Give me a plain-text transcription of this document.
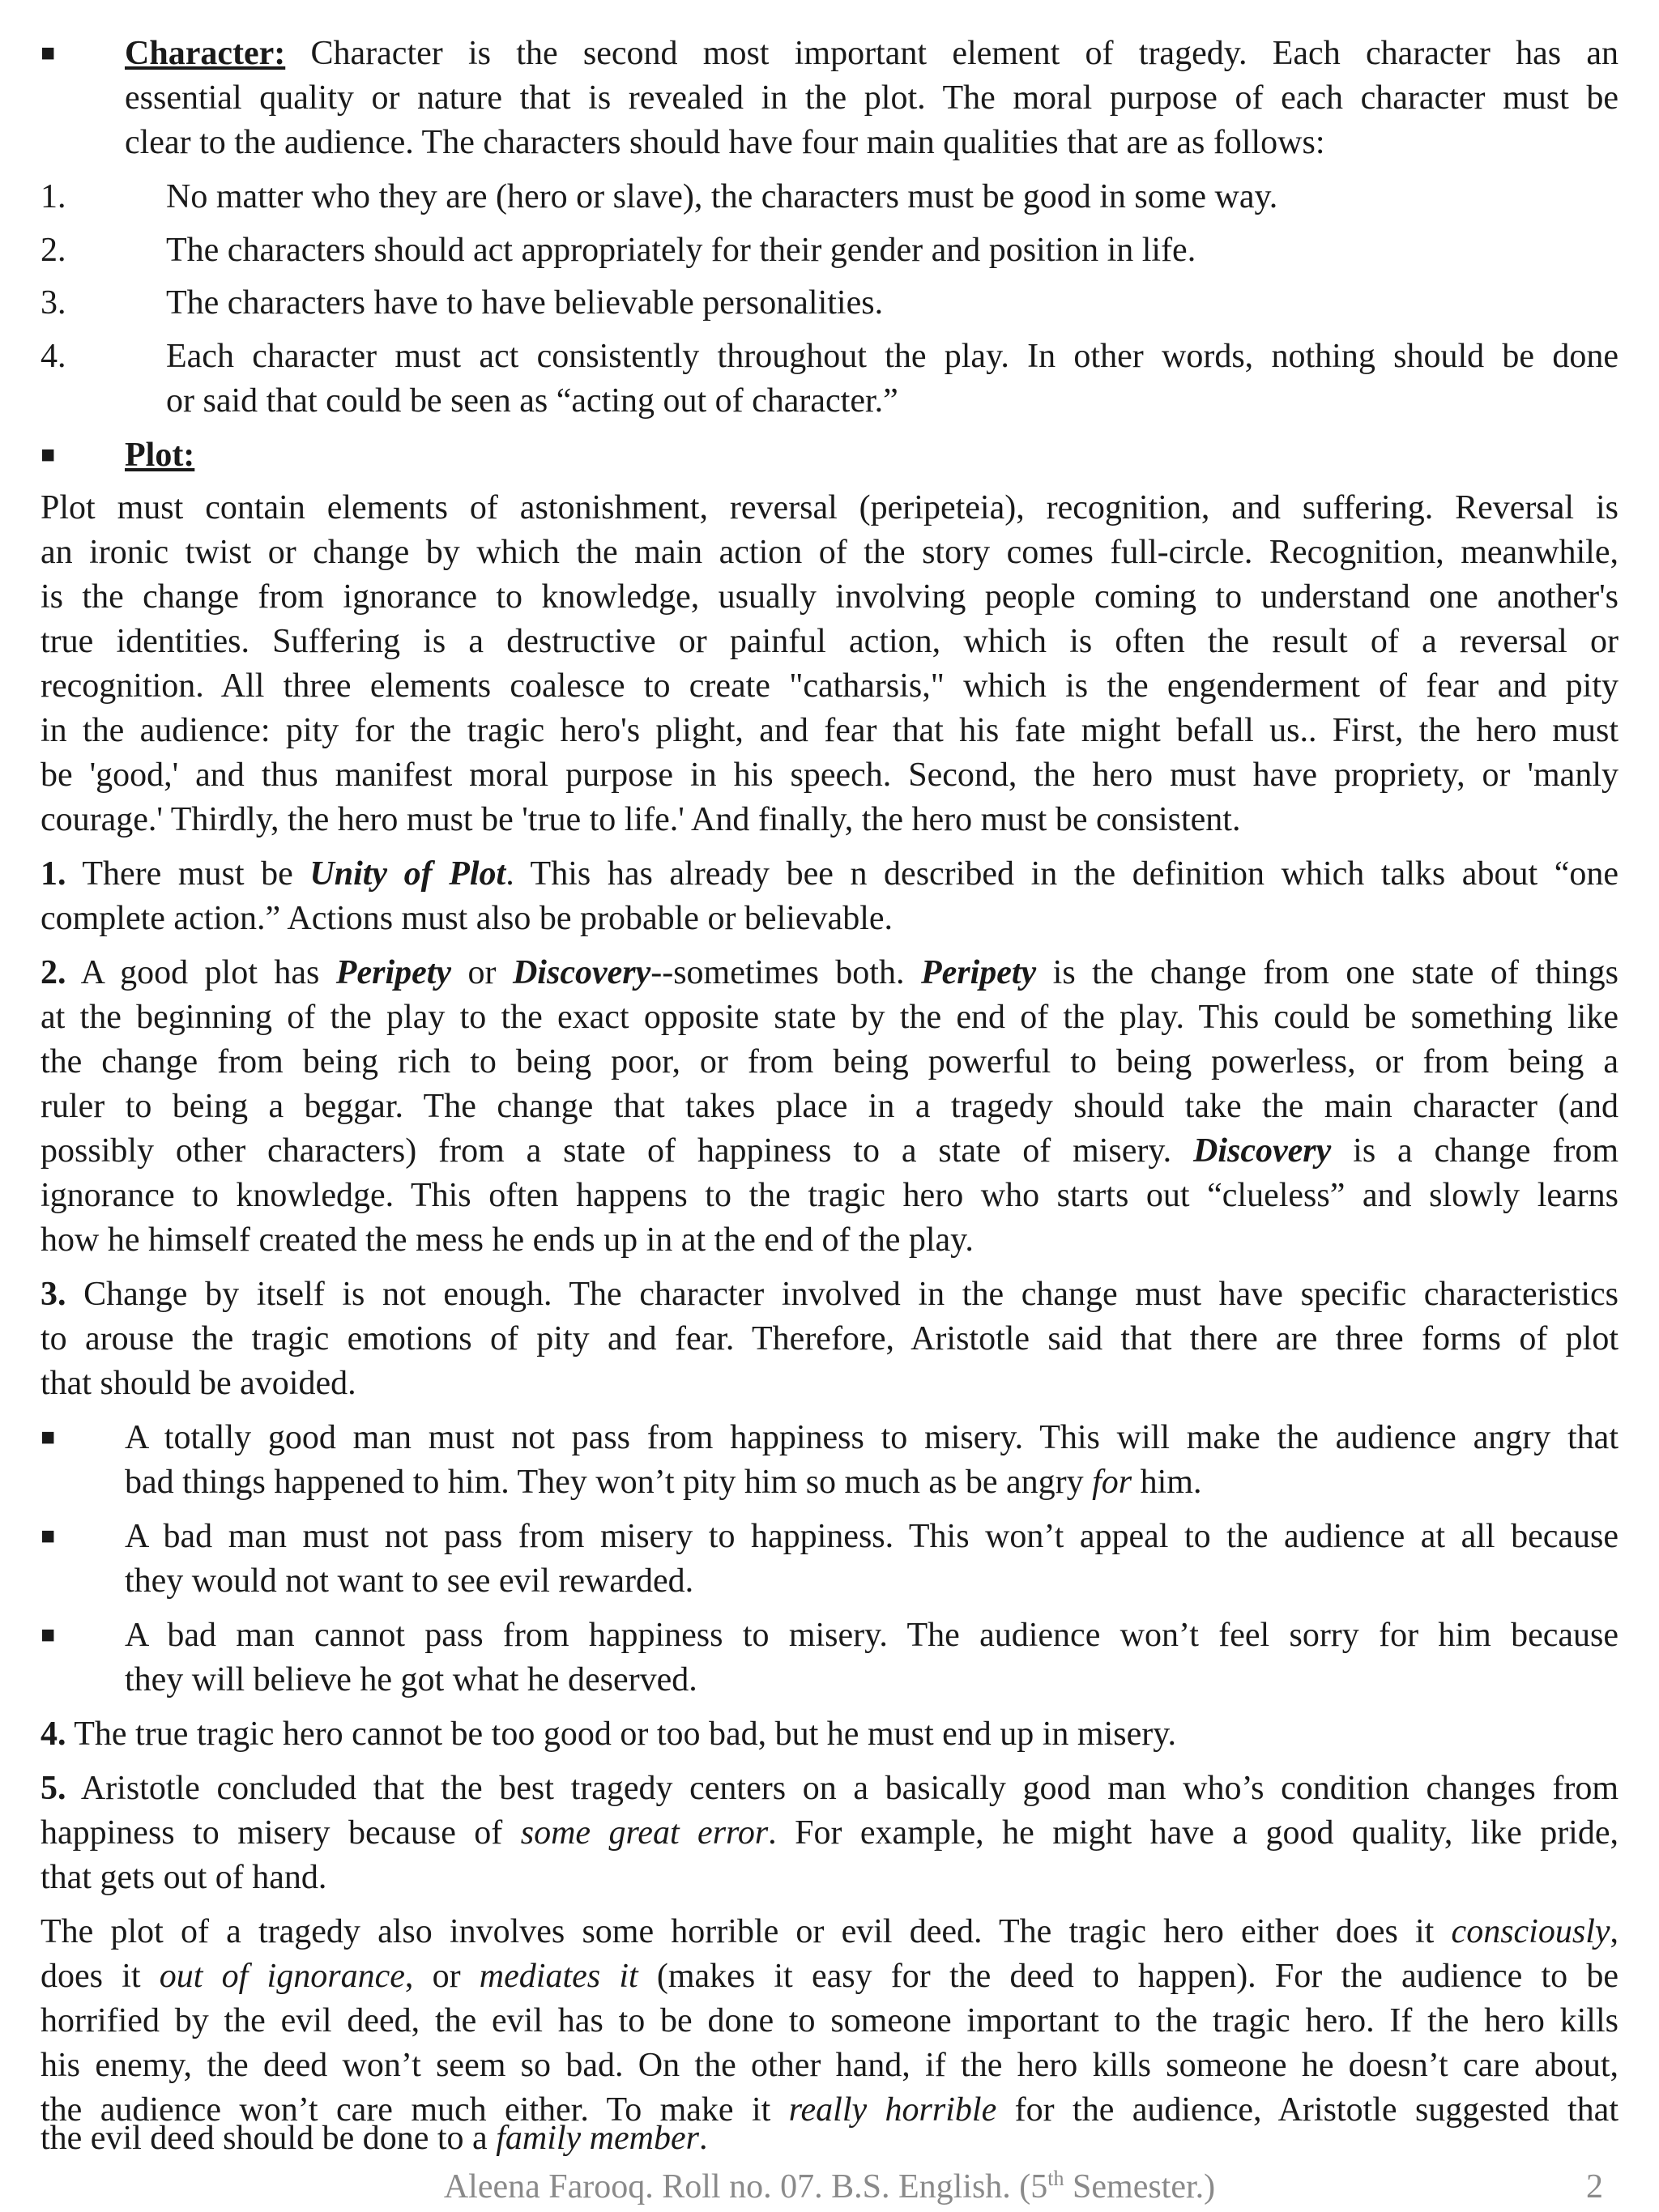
■ Character: Character is the second most important element of tragedy. Each character has an
essential quality or nature that is revealed in the plot. The moral purpose of each character must be
clear to the audience. The characters should have four main qualities that are as follows:
1.	No matter who they are (hero or slave), the characters must be good in some way.
2.	The characters should act appropriately for their gender and position in life.
3.	The characters have to have believable personalities.
4.	Each character must act consistently throughout the play. In other words, nothing should be done
or said that could be seen as “acting out of character.”
■ Plot:
Plot must contain elements of astonishment, reversal (peripeteia), recognition, and suffering. Reversal is
an ironic twist or change by which the main action of the story comes full-circle. Recognition, meanwhile,
is the change from ignorance to knowledge, usually involving people coming to understand one another's
true identities. Suffering is a destructive or painful action, which is often the result of a reversal or
recognition. All three elements coalesce to create "catharsis," which is the engenderment of fear and pity
in the audience: pity for the tragic hero's plight, and fear that his fate might befall us.. First, the hero must
be 'good,' and thus manifest moral purpose in his speech. Second, the hero must have propriety, or 'manly
courage.' Thirdly, the hero must be 'true to life.' And finally, the hero must be consistent.
1. There must be Unity of Plot. This has already bee n described in the definition which talks about “one
complete action.” Actions must also be probable or believable.
2. A good plot has Peripety or Discovery--sometimes both. Peripety is the change from one state of things
at the beginning of the play to the exact opposite state by the end of the play. This could be something like
the change from being rich to being poor, or from being powerful to being powerless, or from being a
ruler to being a beggar. The change that takes place in a tragedy should take the main character (and
possibly other characters) from a state of happiness to a state of misery. Discovery is a change from
ignorance to knowledge. This often happens to the tragic hero who starts out “clueless” and slowly learns
how he himself created the mess he ends up in at the end of the play.
3. Change by itself is not enough. The character involved in the change must have specific characteristics
to arouse the tragic emotions of pity and fear. Therefore, Aristotle said that there are three forms of plot
that should be avoided.
■ A totally good man must not pass from happiness to misery. This will make the audience angry that
bad things happened to him. They won’t pity him so much as be angry for him.
■ A bad man must not pass from misery to happiness. This won’t appeal to the audience at all because
they would not want to see evil rewarded.
■ A bad man cannot pass from happiness to misery. The audience won’t feel sorry for him because
they will believe he got what he deserved.
4. The true tragic hero cannot be too good or too bad, but he must end up in misery.
5. Aristotle concluded that the best tragedy centers on a basically good man who’s condition changes from
happiness to misery because of some great error. For example, he might have a good quality, like pride,
that gets out of hand.
The plot of a tragedy also involves some horrible or evil deed. The tragic hero either does it consciously,
does it out of ignorance, or mediates it (makes it easy for the deed to happen). For the audience to be
horrified by the evil deed, the evil has to be done to someone important to the tragic hero. If the hero kills
his enemy, the deed won’t seem so bad. On the other hand, if the hero kills someone he doesn’t care about,
the audience won’t care much either. To make it really horrible for the audience, Aristotle suggested that
Aleena Farooq. Roll no. 07. B.S. English. (5th Semester.)	2
the evil deed should be done to a family member.
